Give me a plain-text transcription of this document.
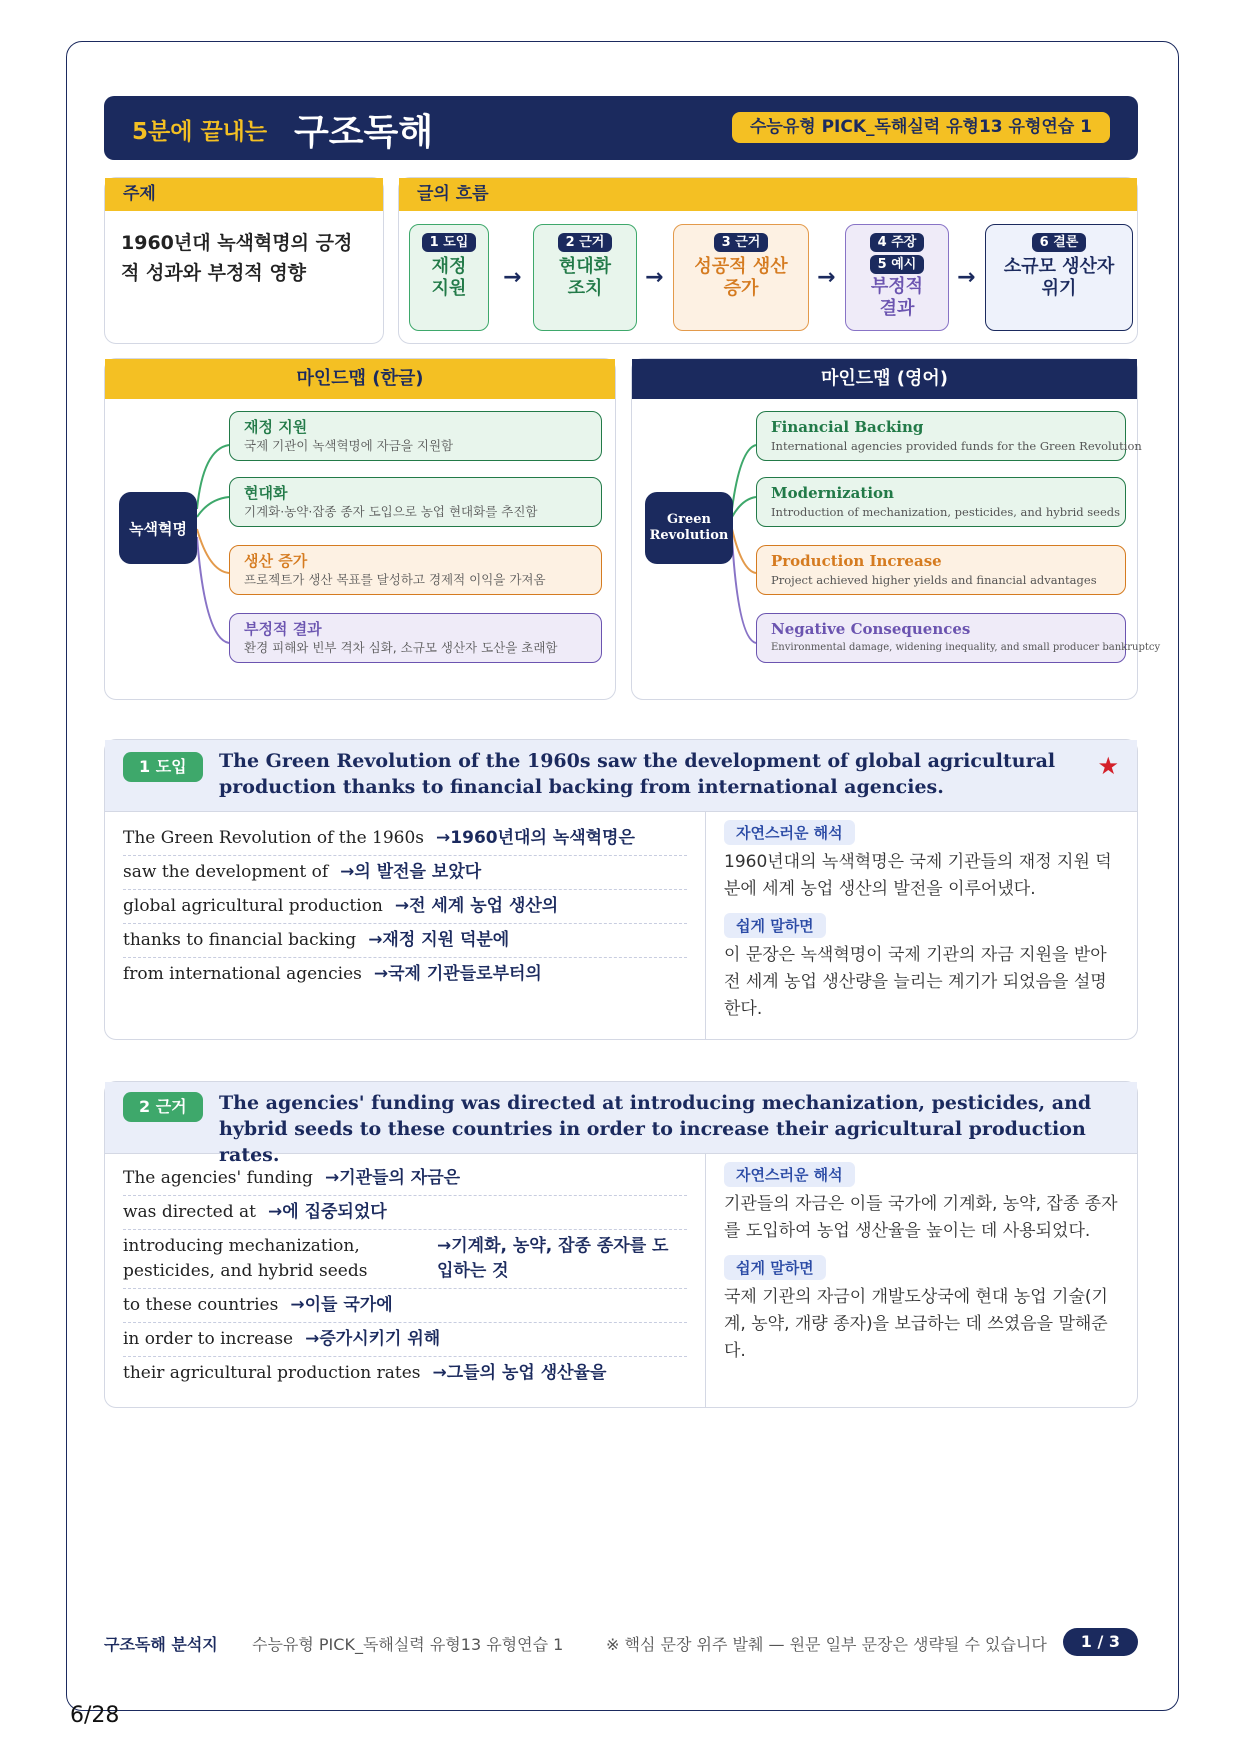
5분에 끝내는 구조독해	수능유형 PICK_독해실력 유형13 유형연습 1
주제
1960년대 녹색혁명의 긍정적 성과와 부정적 영향
글의 흐름
1 도입
재정
지원	→
2 근거
현대화
조치	→
3 근거
성공적 생산
증가	→
4 주장
5 예시
부정적
결과
→
6 결론
소규모 생산자
위기
마인드맵 (한글)
녹색혁명
재정 지원
국제 기관이 녹색혁명에 자금을 지원함
현대화
기계화·농약·잡종 종자 도입으로 농업 현대화를 추진함
생산 증가
프로젝트가 생산 목표를 달성하고 경제적 이익을 가져옴
부정적 결과
환경 피해와 빈부 격차 심화, 소규모 생산자 도산을 초래함
마인드맵 (영어)
Green Revolution
Financial Backing
International agencies provided funds for the Green Revolution
Modernization
Introduction of mechanization, pesticides, and hybrid seeds
Production Increase
Project achieved higher yields and financial advantages
Negative Consequences
Environmental damage, widening inequality, and small producer bankruptcy
1 도입	The Green Revolution of the 1960s saw the development of global agricultural production thanks to financial backing from international agencies.
★
The Green Revolution of the 1960s →1960년대의 녹색혁명은
saw the development of →의 발전을 보았다
global agricultural production →전 세계 농업 생산의
thanks to financial backing →재정 지원 덕분에
from international agencies →국제 기관들로부터의
자연스러운 해석
1960년대의 녹색혁명은 국제 기관들의 재정 지원 덕분에 세계 농업 생산의 발전을 이루어냈다.
쉽게 말하면
이 문장은 녹색혁명이 국제 기관의 자금 지원을 받아 전 세계 농업 생산량을 늘리는 계기가 되었음을 설명한다.
2 근거	The agencies' funding was directed at introducing mechanization, pesticides, and hybrid seeds to these countries in order to increase their agricultural production rates.
The agencies' funding →기관들의 자금은
was directed at →에 집중되었다
introducing mechanization, pesticides, and hybrid seeds
→기계화, 농약, 잡종 종자를 도입하는 것
to these countries →이들 국가에
in order to increase →증가시키기 위해
their agricultural production rates →그들의 농업 생산율을
자연스러운 해석
기관들의 자금은 이들 국가에 기계화, 농약, 잡종 종자를 도입하여 농업 생산율을 높이는 데 사용되었다.
쉽게 말하면
국제 기관의 자금이 개발도상국에 현대 농업 기술(기계, 농약, 개량 종자)을 보급하는 데 쓰였음을 말해준다.
구조독해 분석지 수능유형 PICK_독해실력 유형13 유형연습 1	※ 핵심 문장 위주 발췌 — 원문 일부 문장은 생략될 수 있습니다	1 / 3
6/28
